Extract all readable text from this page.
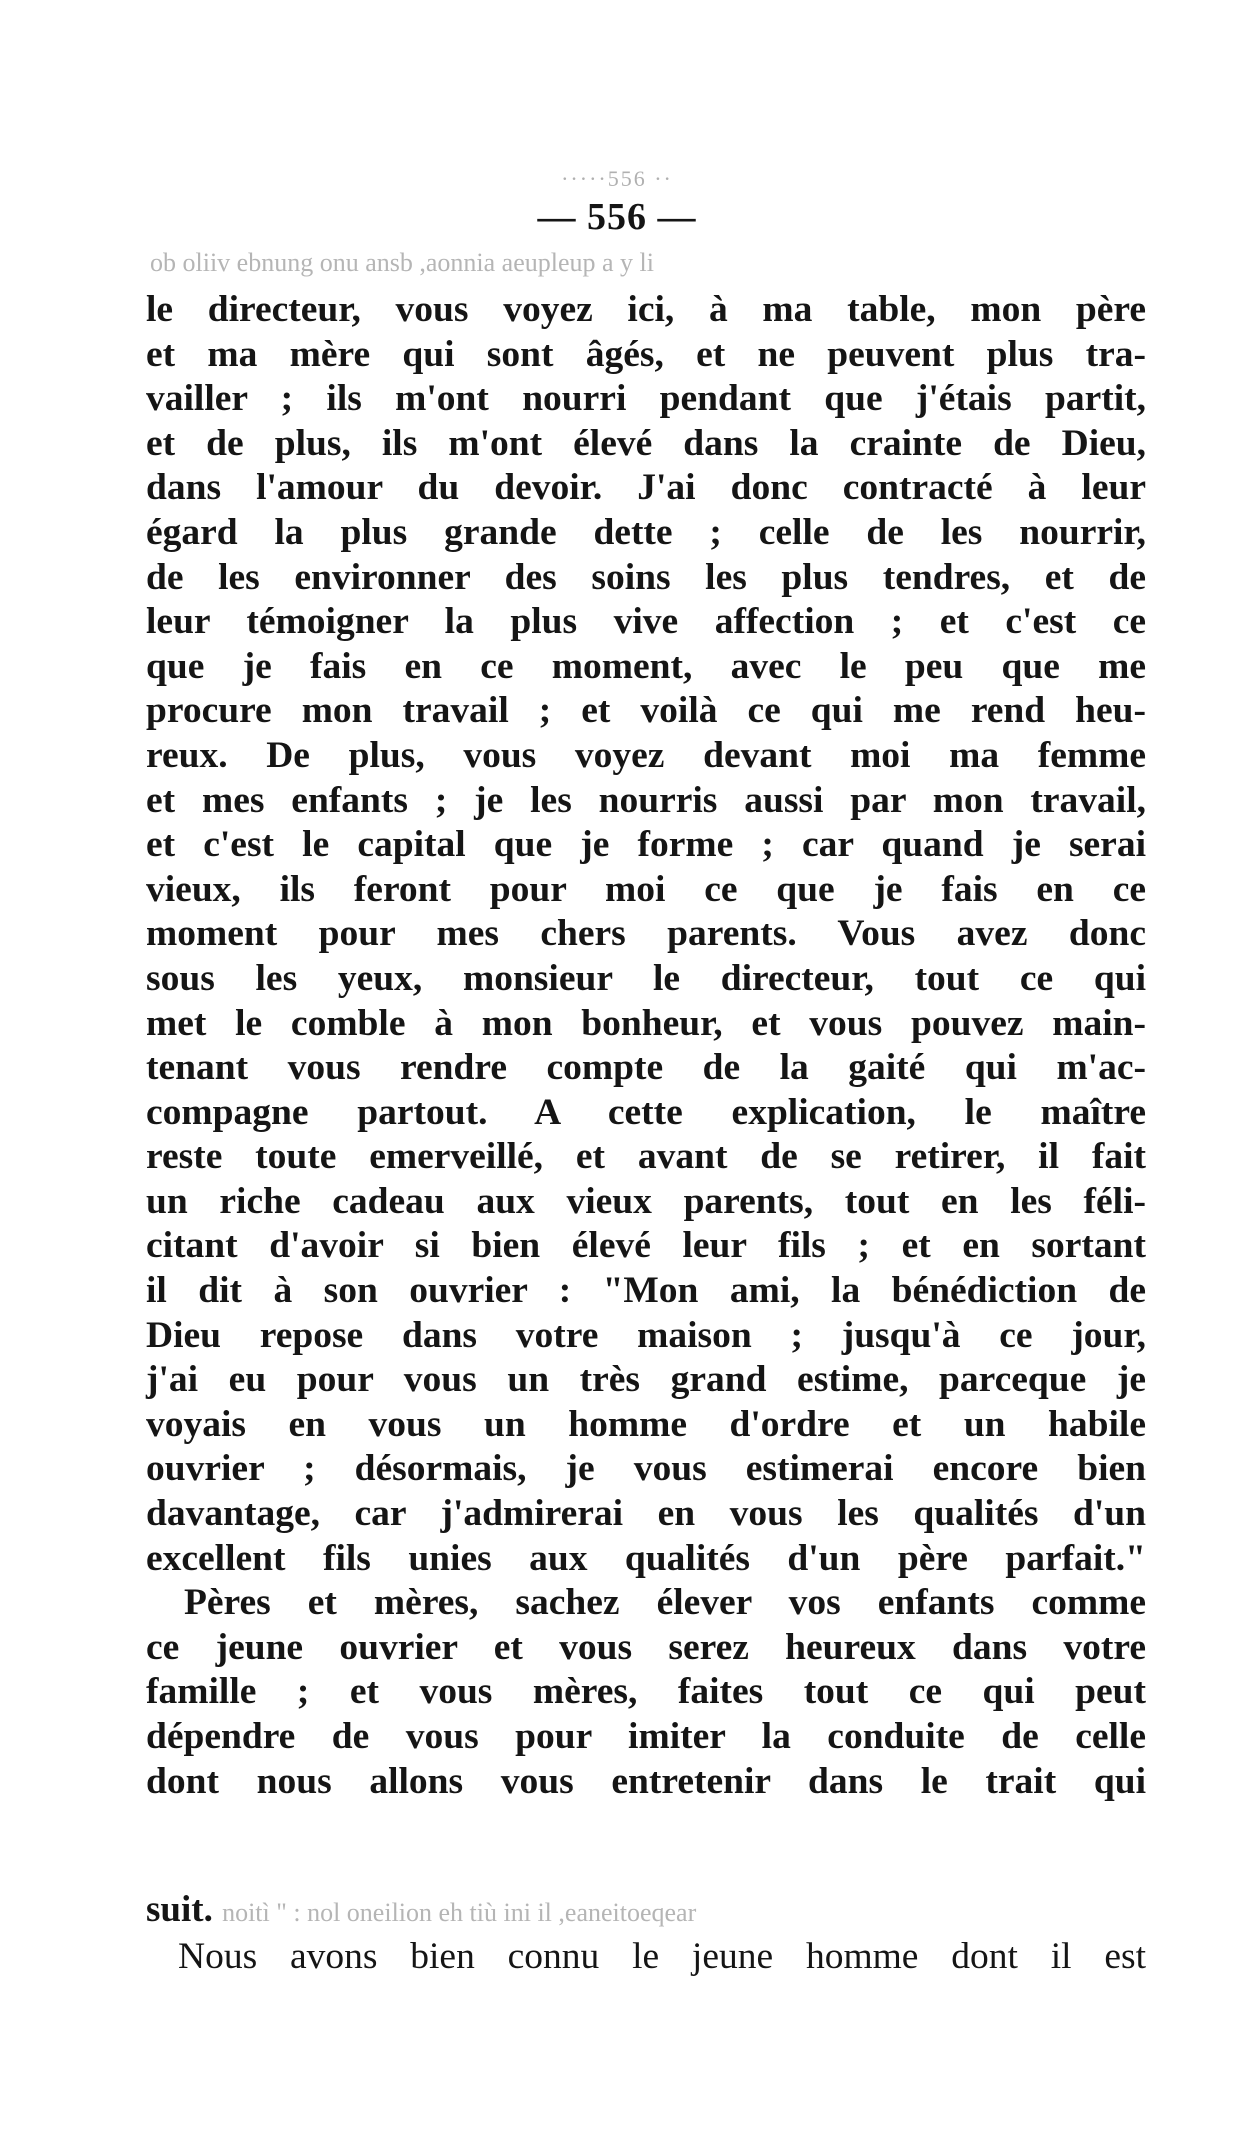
·····556 ··
— 556 —
ob oliiv ebnung onu ansb ,aonnia aeupleup a y li
le directeur, vous voyez ici, à ma table, mon père
et ma mère qui sont âgés, et ne peuvent plus tra-
vailler ; ils m'ont nourri pendant que j'étais partit,
et de plus, ils m'ont élevé dans la crainte de Dieu,
dans l'amour du devoir. J'ai donc contracté à leur
égard la plus grande dette ; celle de les nourrir,
de les environner des soins les plus tendres, et de
leur témoigner la plus vive affection ; et c'est ce
que je fais en ce moment, avec le peu que me
procure mon travail ; et voilà ce qui me rend heu-
reux. De plus, vous voyez devant moi ma femme
et mes enfants ; je les nourris aussi par mon travail,
et c'est le capital que je forme ; car quand je serai
vieux, ils feront pour moi ce que je fais en ce
moment pour mes chers parents. Vous avez donc
sous les yeux, monsieur le directeur, tout ce qui
met le comble à mon bonheur, et vous pouvez main-
tenant vous rendre compte de la gaité qui m'ac-
compagne partout. A cette explication, le maître
reste toute emerveillé, et avant de se retirer, il fait
un riche cadeau aux vieux parents, tout en les féli-
citant d'avoir si bien élevé leur fils ; et en sortant
il dit à son ouvrier : "Mon ami, la bénédiction de
Dieu repose dans votre maison ; jusqu'à ce jour,
j'ai eu pour vous un très grand estime, parceque je
voyais en vous un homme d'ordre et un habile
ouvrier ; désormais, je vous estimerai encore bien
davantage, car j'admirerai en vous les qualités d'un
excellent fils unies aux qualités d'un père parfait."
Pères et mères, sachez élever vos enfants comme
ce jeune ouvrier et vous serez heureux dans votre
famille ; et vous mères, faites tout ce qui peut
dépendre de vous pour imiter la conduite de celle
dont nous allons vous entretenir dans le trait qui
suit. noitì " : nol oneilion eh tiù ini il ,eaneitoeqear
Nous avons bien connu le jeune homme dont il est
